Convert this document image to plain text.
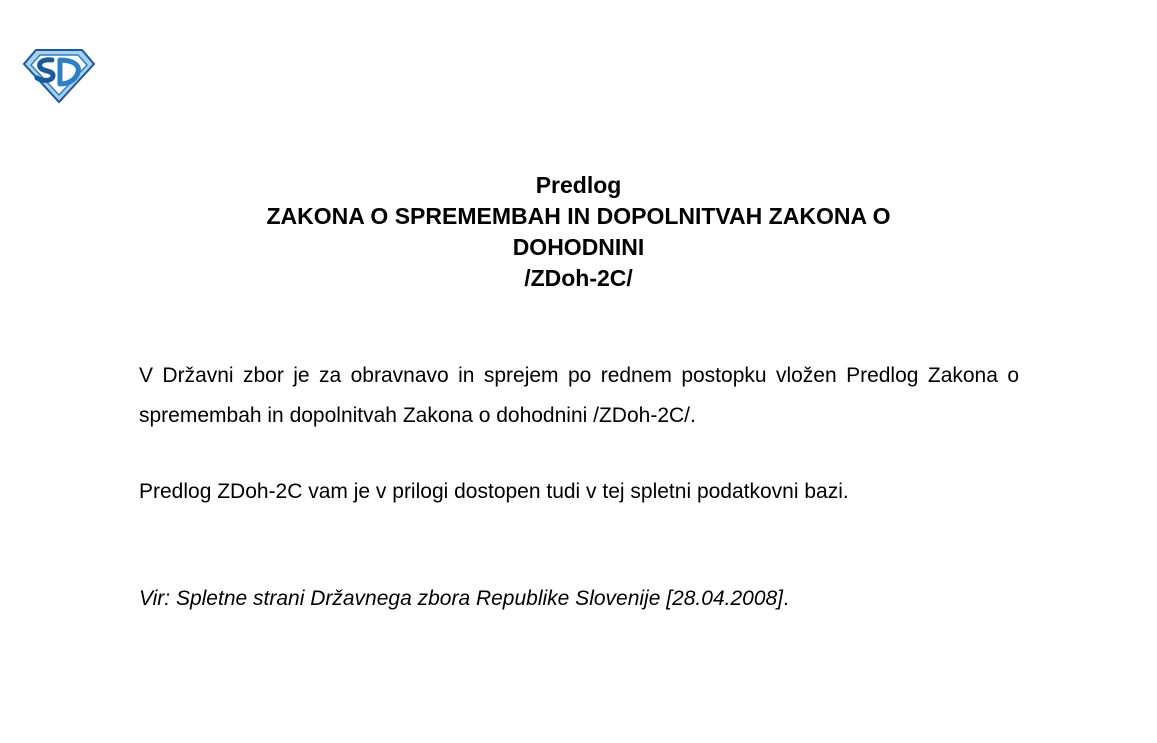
Predlog
ZAKONA O SPREMEMBAH IN DOPOLNITVAH ZAKONA O
DOHODNINI
/ZDoh-2C/
V Državni zbor je za obravnavo in sprejem po rednem postopku vložen Predlog Zakona o spremembah in dopolnitvah Zakona o dohodnini /ZDoh-2C/.
Predlog ZDoh-2C vam je v prilogi dostopen tudi v tej spletni podatkovni bazi.
Vir: Spletne strani Državnega zbora Republike Slovenije [28.04.2008].
